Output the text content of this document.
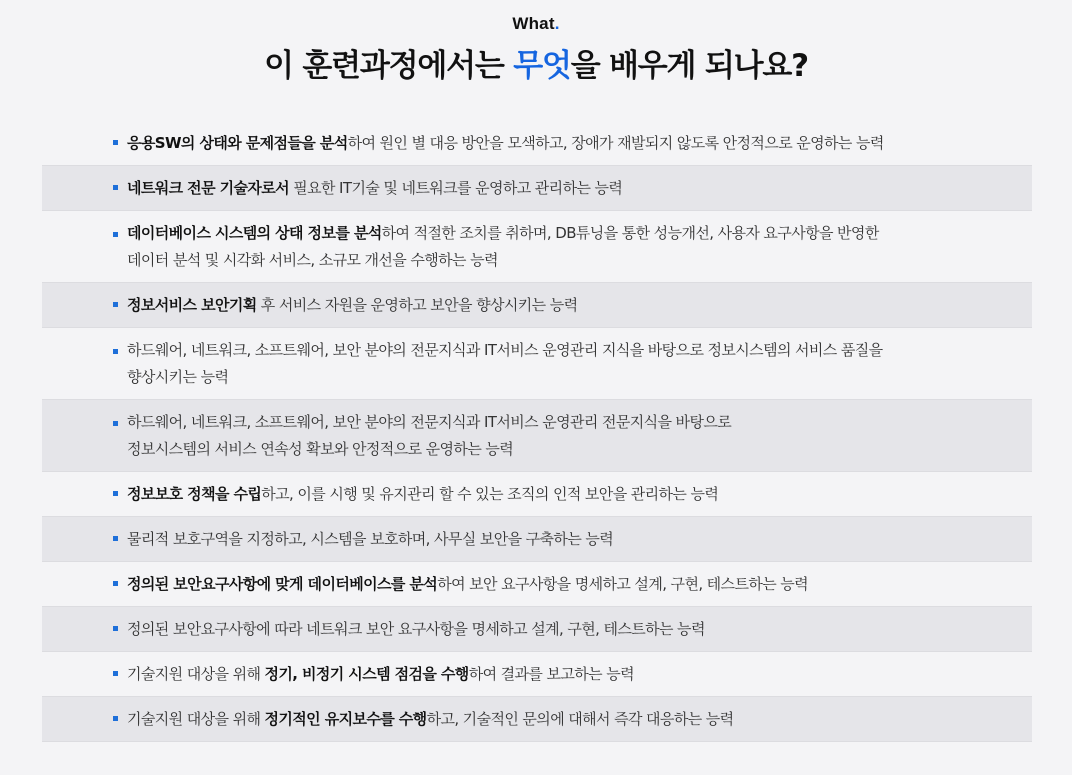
What.
이 훈련과정에서는 무엇을 배우게 되나요?
응용SW의 상태와 문제점들을 분석하여 원인 별 대응 방안을 모색하고, 장애가 재발되지 않도록 안정적으로 운영하는 능력
네트워크 전문 기술자로서 필요한 IT기술 및 네트워크를 운영하고 관리하는 능력
데이터베이스 시스템의 상태 정보를 분석하여 적절한 조치를 취하며, DB튜닝을 통한 성능개선, 사용자 요구사항을 반영한
데이터 분석 및 시각화 서비스, 소규모 개선을 수행하는 능력
정보서비스 보안기획 후 서비스 자원을 운영하고 보안을 향상시키는 능력
하드웨어, 네트워크, 소프트웨어, 보안 분야의 전문지식과 IT서비스 운영관리 지식을 바탕으로 정보시스템의 서비스 품질을
향상시키는 능력
하드웨어, 네트워크, 소프트웨어, 보안 분야의 전문지식과 IT서비스 운영관리 전문지식을 바탕으로
정보시스템의 서비스 연속성 확보와 안정적으로 운영하는 능력
정보보호 정책을 수립하고, 이를 시행 및 유지관리 할 수 있는 조직의 인적 보안을 관리하는 능력
물리적 보호구역을 지정하고, 시스템을 보호하며, 사무실 보안을 구축하는 능력
정의된 보안요구사항에 맞게 데이터베이스를 분석하여 보안 요구사항을 명세하고 설계, 구현, 테스트하는 능력
정의된 보안요구사항에 따라 네트워크 보안 요구사항을 명세하고 설계, 구현, 테스트하는 능력
기술지원 대상을 위해 정기, 비정기 시스템 점검을 수행하여 결과를 보고하는 능력
기술지원 대상을 위해 정기적인 유지보수를 수행하고, 기술적인 문의에 대해서 즉각 대응하는 능력
